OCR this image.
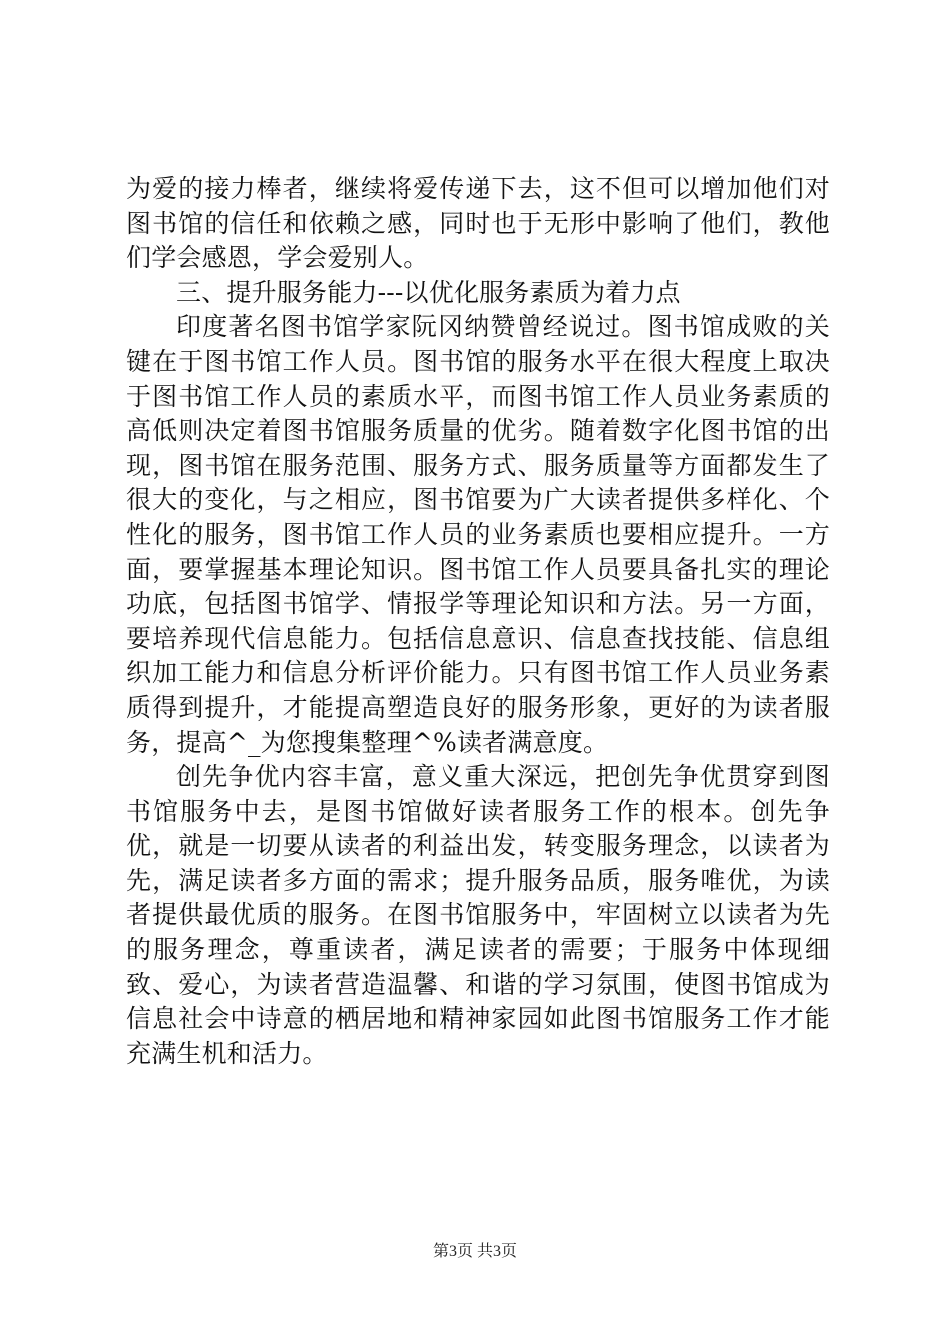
为爱的接力棒者，继续将爱传递下去，这不但可以增加他们对图书馆的信任和依赖之感，同时也于无形中影响了他们，教他们学会感恩，学会爱别人。

三、提升服务能力---以优化服务素质为着力点

印度著名图书馆学家阮冈纳赞曾经说过。图书馆成败的关键在于图书馆工作人员。图书馆的服务水平在很大程度上取决于图书馆工作人员的素质水平，而图书馆工作人员业务素质的高低则决定着图书馆服务质量的优劣。随着数字化图书馆的出现，图书馆在服务范围、服务方式、服务质量等方面都发生了很大的变化，与之相应，图书馆要为广大读者提供多样化、个性化的服务，图书馆工作人员的业务素质也要相应提升。一方面，要掌握基本理论知识。图书馆工作人员要具备扎实的理论功底，包括图书馆学、情报学等理论知识和方法。另一方面，要培养现代信息能力。包括信息意识、信息查找技能、信息组织加工能力和信息分析评价能力。只有图书馆工作人员业务素质得到提升，才能提高塑造良好的服务形象，更好的为读者服务，提高^_为您搜集整理^%读者满意度。

创先争优内容丰富，意义重大深远，把创先争优贯穿到图书馆服务中去，是图书馆做好读者服务工作的根本。创先争优，就是一切要从读者的利益出发，转变服务理念，以读者为先，满足读者多方面的需求；提升服务品质，服务唯优，为读者提供最优质的服务。在图书馆服务中，牢固树立以读者为先的服务理念，尊重读者，满足读者的需要；于服务中体现细致、爱心，为读者营造温馨、和谐的学习氛围，使图书馆成为信息社会中诗意的栖居地和精神家园如此图书馆服务工作才能充满生机和活力。

第3页 共3页
